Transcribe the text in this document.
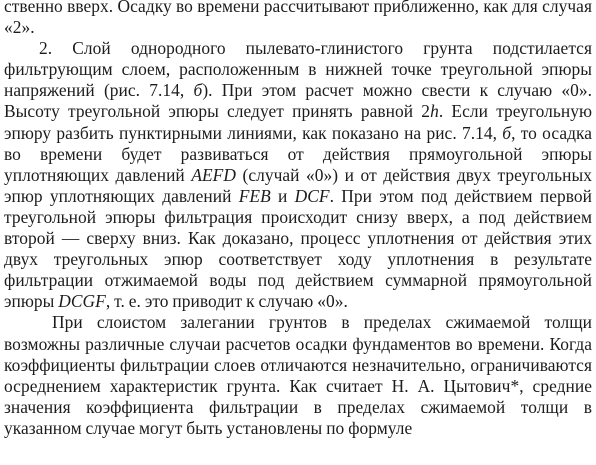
ственно вверх. Осадку во времени рассчитывают приближенно, как для случая «2».

2. Слой однородного пылевато-глинистого грунта подстилается фильтрующим слоем, расположенным в нижней точке треугольной эпюры напряжений (рис. 7.14, б). При этом расчет можно свести к случаю «0». Высоту треугольной эпюры следует принять равной 2h. Если треугольную эпюру разбить пунктирными линиями, как показано на рис. 7.14, б, то осадка во времени будет развиваться от действия прямоугольной эпюры уплотняющих давлений AEFD (случай «0») и от действия двух треугольных эпюр уплотняющих давлений FEB и DCF. При этом под действием первой треугольной эпюры фильтрация происходит снизу вверх, а под действием второй — сверху вниз. Как доказано, процесс уплотнения от действия этих двух треугольных эпюр соответствует ходу уплотнения в результате фильтрации отжимаемой воды под действием суммарной прямоугольной эпюры DCGF, т. е. это приводит к случаю «0».

При слоистом залегании грунтов в пределах сжимаемой толщи возможны различные случаи расчетов осадки фундаментов во времени. Когда коэффициенты фильтрации слоев отличаются незначительно, ограничиваются осреднением характеристик грунта. Как считает Н. А. Цытович*, средние значения коэффициента фильтрации в пределах сжимаемой толщи в указанном случае могут быть установлены по формуле
